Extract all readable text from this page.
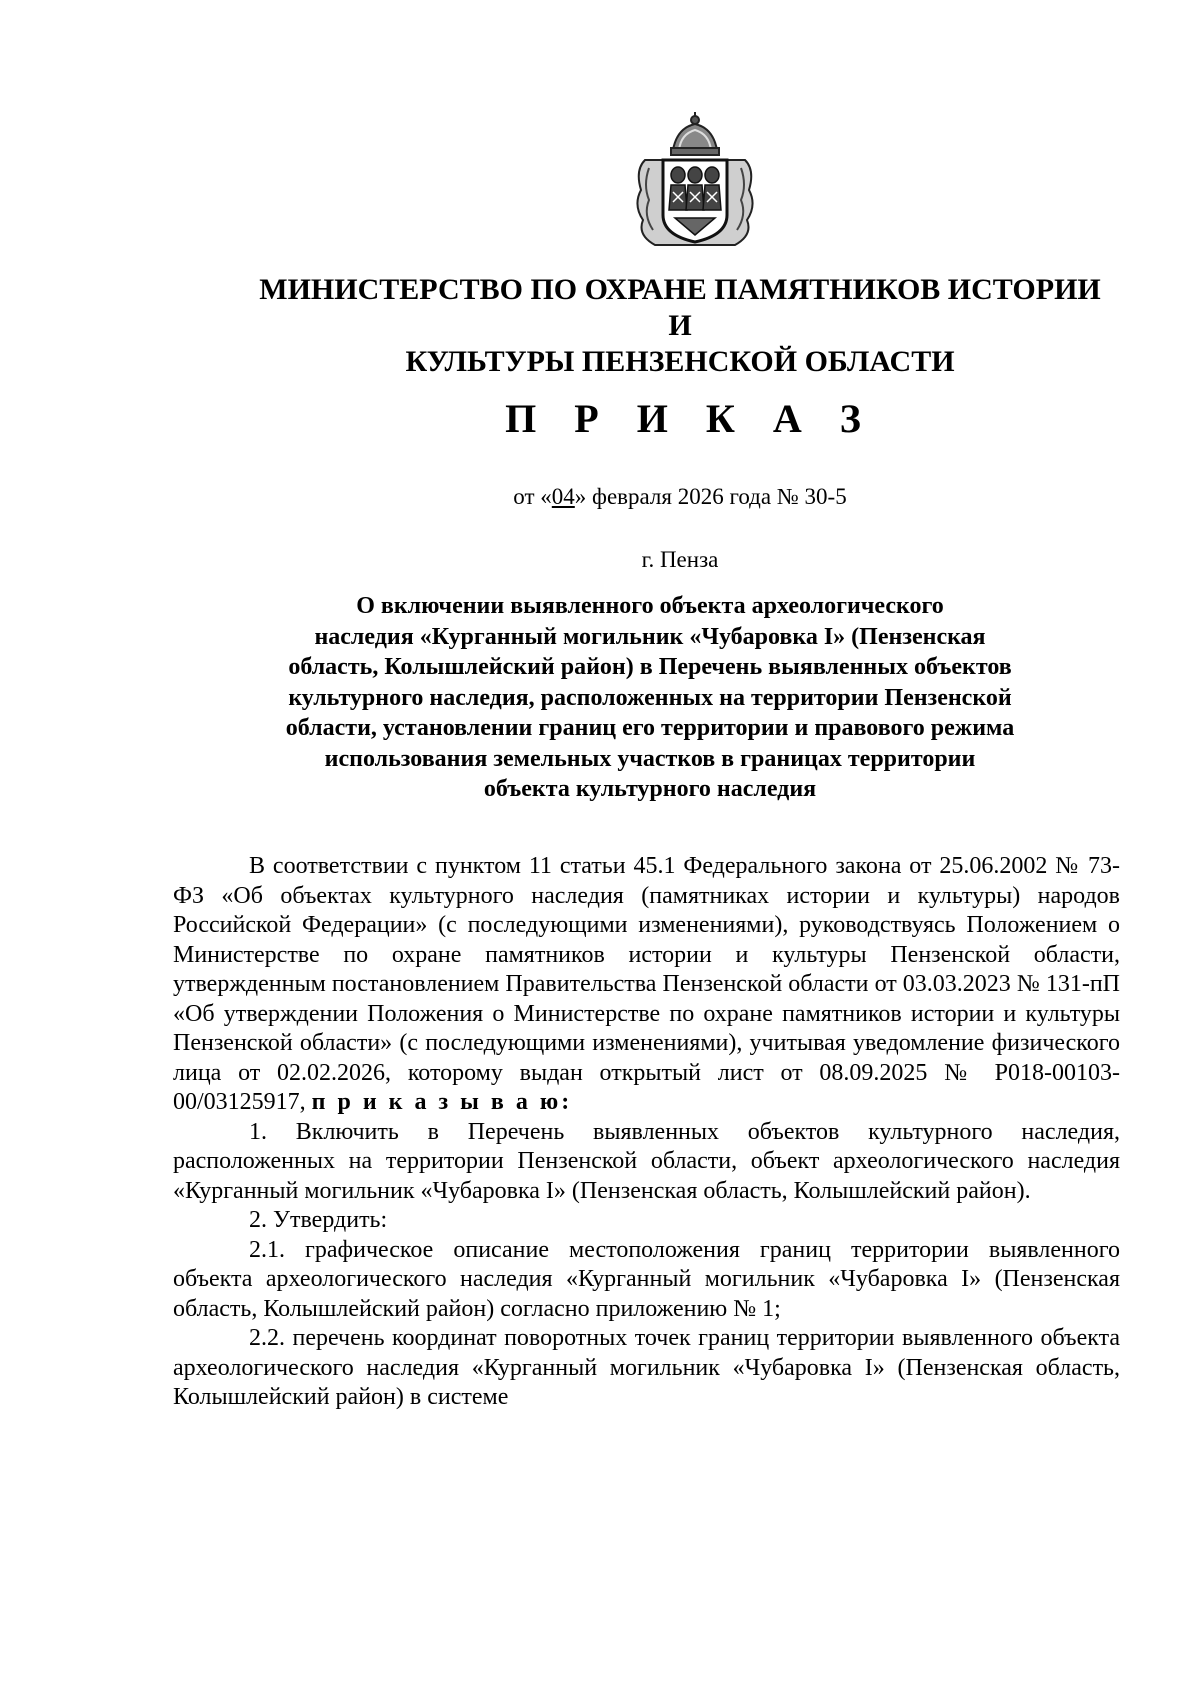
МИНИСТЕРСТВО ПО ОХРАНЕ ПАМЯТНИКОВ ИСТОРИИ И
КУЛЬТУРЫ ПЕНЗЕНСКОЙ ОБЛАСТИ
П Р И К А З
от «04» февраля 2026 года № 30-5
г. Пенза
О включении выявленного объекта археологического
наследия «Курганный могильник «Чубаровка I» (Пензенская
область, Колышлейский район) в Перечень выявленных объектов
культурного наследия, расположенных на территории Пензенской
области, установлении границ его территории и правового режима
использования земельных участков в границах территории
объекта культурного наследия

В соответствии с пунктом 11 статьи 45.1 Федерального закона от 25.06.2002 № 73-ФЗ «Об объектах культурного наследия (памятниках истории и культуры) народов Российской Федерации» (с последующими изменениями), руководствуясь Положением о Министерстве по охране памятников истории и культуры Пензенской области, утвержденным постановлением Правительства Пензенской области от 03.03.2023 № 131-пП «Об утверждении Положения о Министерстве по охране памятников истории и культуры Пензенской области» (с последующими изменениями), учитывая уведомление физического лица от 02.02.2026, которому выдан открытый лист от 08.09.2025 № Р018-00103-00/03125917, п р и к а з ы в а ю:

1. Включить в Перечень выявленных объектов культурного наследия, расположенных на территории Пензенской области, объект археологического наследия «Курганный могильник «Чубаровка I» (Пензенская область, Колышлейский район).

2. Утвердить:

2.1. графическое описание местоположения границ территории выявленного объекта археологического наследия «Курганный могильник «Чубаровка I» (Пензенская область, Колышлейский район) согласно приложению № 1;

2.2. перечень координат поворотных точек границ территории выявленного объекта археологического наследия «Курганный могильник «Чубаровка I» (Пензенская область, Колышлейский район) в системе
